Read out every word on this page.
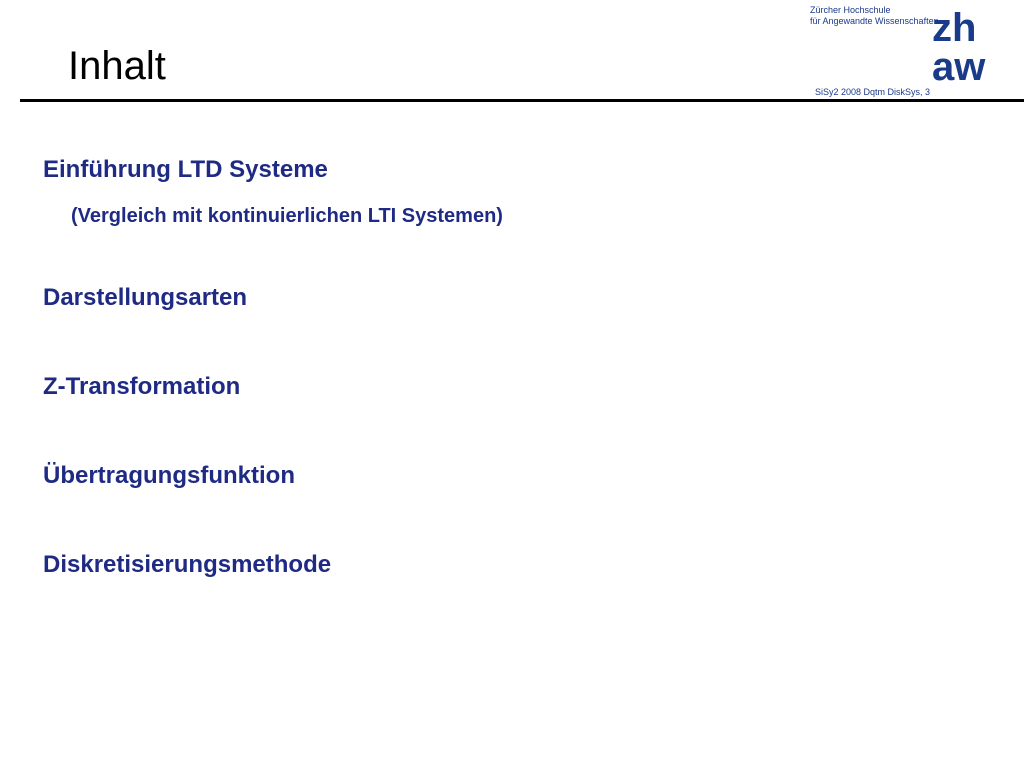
Inhalt
Zürcher Hochschule
für Angewandte Wissenschaften
zh
aw
SiSy2 2008 Dqtm DiskSys, 3
Einführung LTD Systeme
(Vergleich mit kontinuierlichen LTI Systemen)
Darstellungsarten
Z-Transformation
Übertragungsfunktion
Diskretisierungsmethode
